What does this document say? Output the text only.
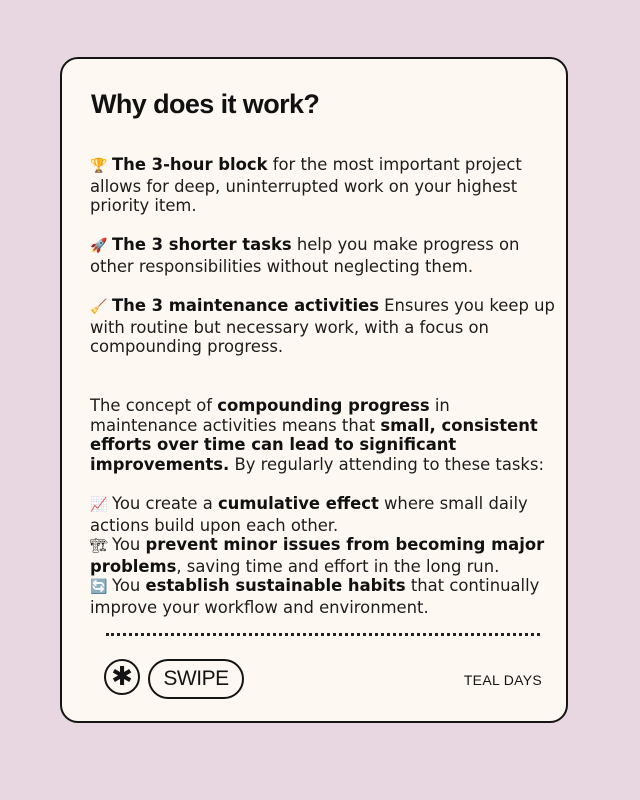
Why does it work?

🏆 The 3-hour block for the most important project allows for deep, uninterrupted work on your highest priority item.

🚀 The 3 shorter tasks help you make progress on other responsibilities without neglecting them.

🧹 The 3 maintenance activities Ensures you keep up with routine but necessary work, with a focus on compounding progress.

The concept of compounding progress in maintenance activities means that small, consistent efforts over time can lead to significant improvements. By regularly attending to these tasks:

📈 You create a cumulative effect where small daily actions build upon each other.

🏗 You prevent minor issues from becoming major problems, saving time and effort in the long run.

🔄 You establish sustainable habits that continually improve your workflow and environment.

✱	SWIPE	TEAL DAYS
